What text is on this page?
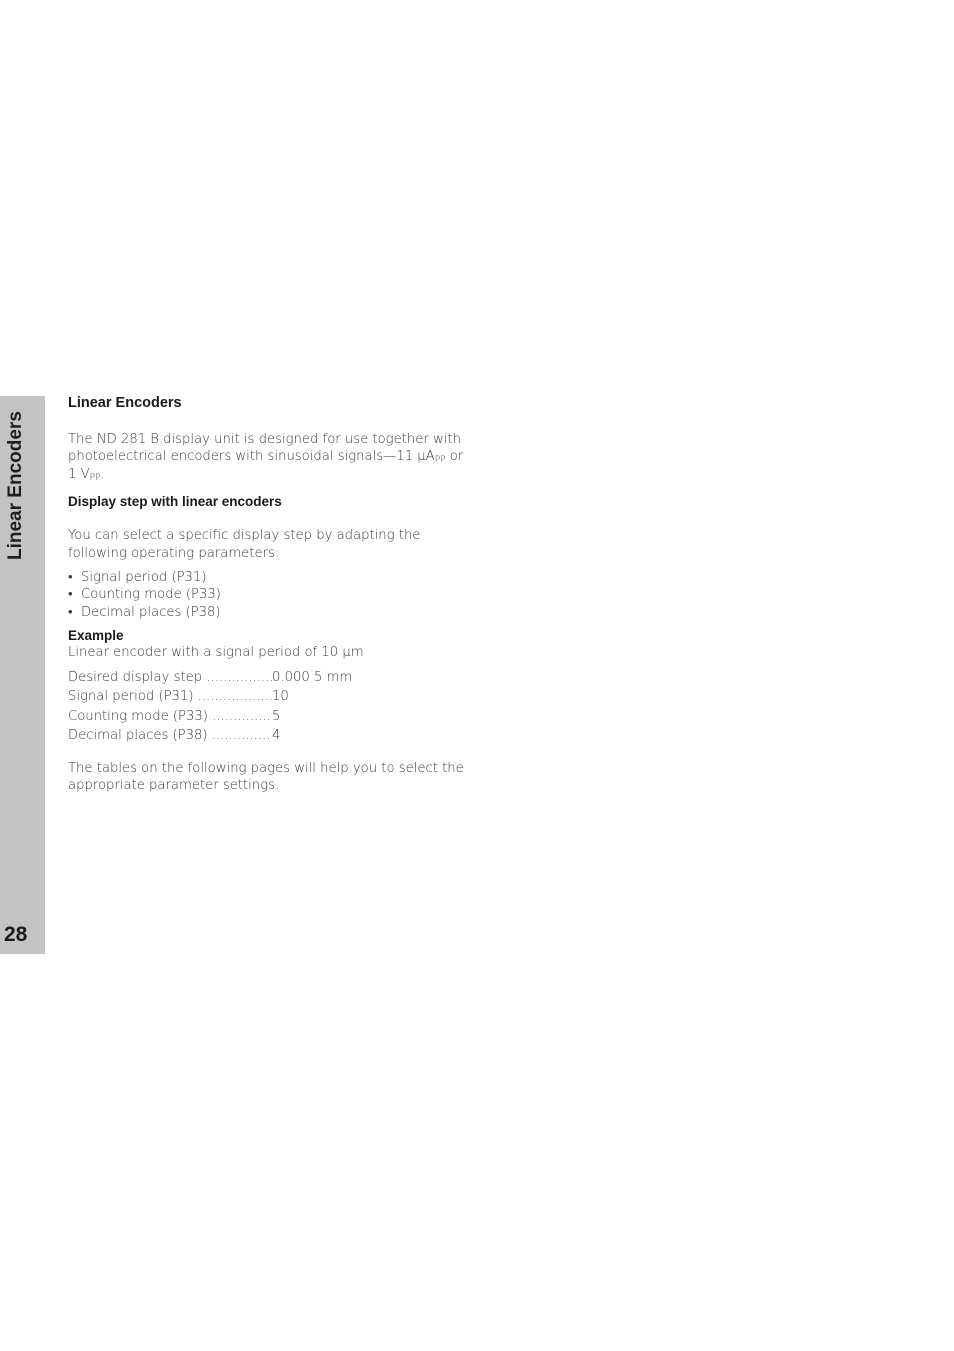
Linear Encoders
28
Linear Encoders

The ND 281 B display unit is designed for use together with photoelectrical encoders with sinusoidal signals—11 µA$_{PP}$ or 1 $V_{PP}$.

Display step with linear encoders

You can select a specific display step by adapting the following operating parameters:

• Signal period (P31)
• Counting mode (P33)
• Decimal places (P38)
Example

Linear encoder with a signal period of 10 µm

Desired display step .....	0.000 5 mm
Signal period (P31) .....	10
Counting mode (P33) .....	5
Decimal places (P38) .....	4

The tables on the following pages will help you to select the appropriate parameter settings.
